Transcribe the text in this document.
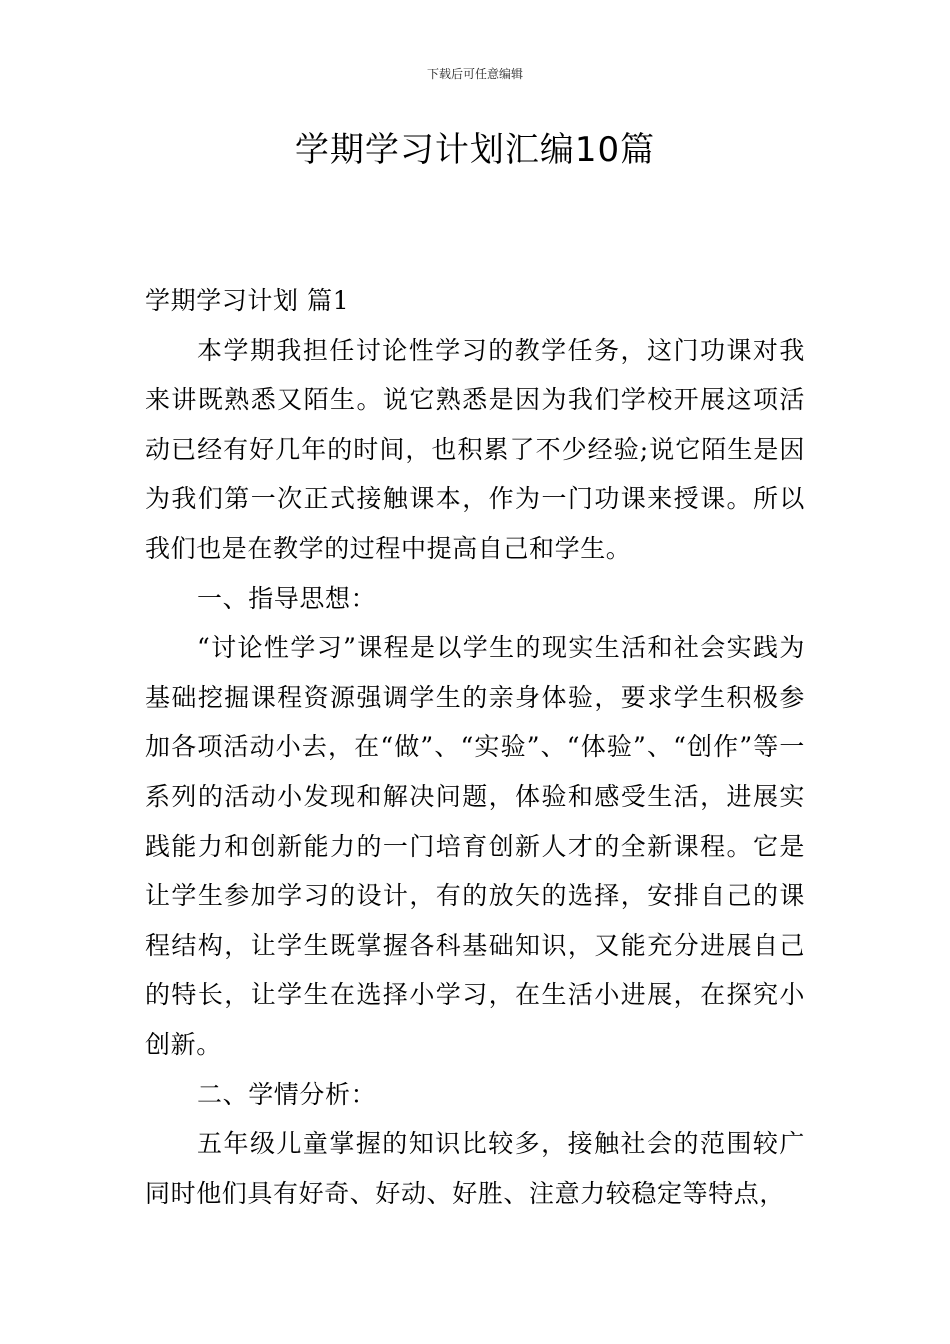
下载后可任意编辑
学期学习计划汇编10篇

学期学习计划 篇1

本学期我担任讨论性学习的教学任务，这门功课对我来讲既熟悉又陌生。说它熟悉是因为我们学校开展这项活动已经有好几年的时间，也积累了不少经验;说它陌生是因为我们第一次正式接触课本，作为一门功课来授课。所以我们也是在教学的过程中提高自己和学生。

一、指导思想：

“讨论性学习”课程是以学生的现实生活和社会实践为基础挖掘课程资源强调学生的亲身体验，要求学生积极参加各项活动小去，在“做”、“实验”、“体验”、“创作”等一系列的活动小发现和解决问题，体验和感受生活，进展实践能力和创新能力的一门培育创新人才的全新课程。它是让学生参加学习的设计，有的放矢的选择，安排自己的课程结构，让学生既掌握各科基础知识，又能充分进展自己的特长，让学生在选择小学习，在生活小进展，在探究小创新。

二、学情分析：

五年级儿童掌握的知识比较多，接触社会的范围较广同时他们具有好奇、好动、好胜、注意力较稳定等特点，
